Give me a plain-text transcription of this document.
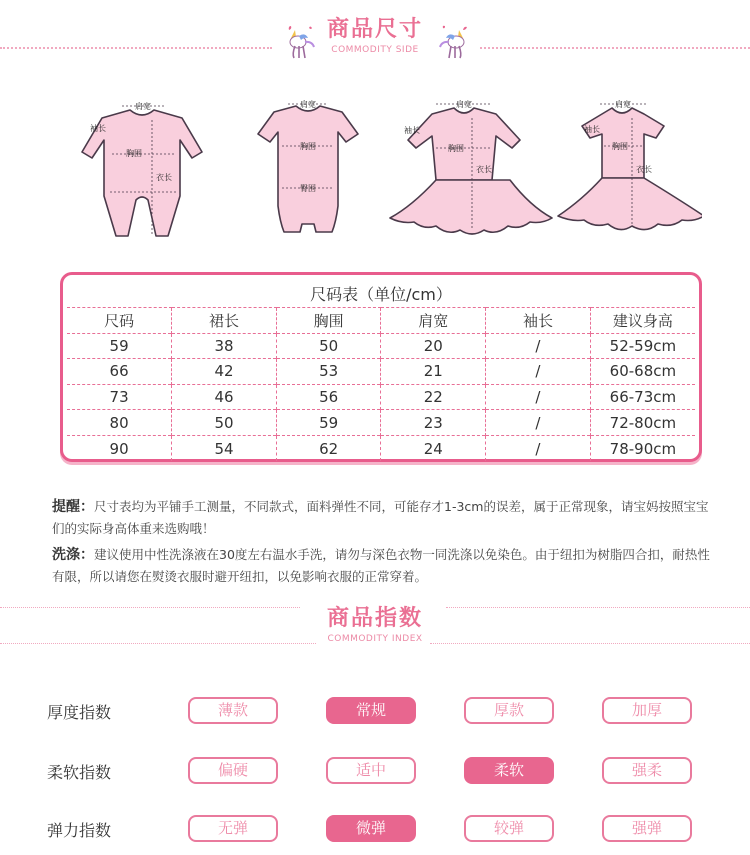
商品尺寸
COMMODITY SIDE
肩宽
袖长
胸围
衣长
肩宽
胸围
臀围
肩宽
袖长
胸围
衣长
肩宽
袖长
胸围
衣长
尺码表（单位/cm）
尺码	裙长	胸围	肩宽	袖长	建议身高
59	38	50	20	/	52-59cm
66	42	53	21	/	60-68cm
73	46	56	22	/	66-73cm
80	50	59	23	/	72-80cm
90	54	62	24	/	78-90cm
提醒：尺寸表均为平铺手工测量，不同款式，面料弹性不同，可能存才1-3cm的误差，属于正常现象，请宝妈按照宝宝们的实际身高体重来选购哦！
洗涤：建议使用中性洗涤液在30度左右温水手洗，请勿与深色衣物一同洗涤以免染色。由于纽扣为树脂四合扣，耐热性有限，所以请您在熨烫衣服时避开纽扣，以免影响衣服的正常穿着。
商品指数
COMMODITY INDEX
厚度指数	薄款	常规	厚款	加厚
柔软指数	偏硬	适中	柔软	强柔
弹力指数	无弹	微弹	较弹	强弹
